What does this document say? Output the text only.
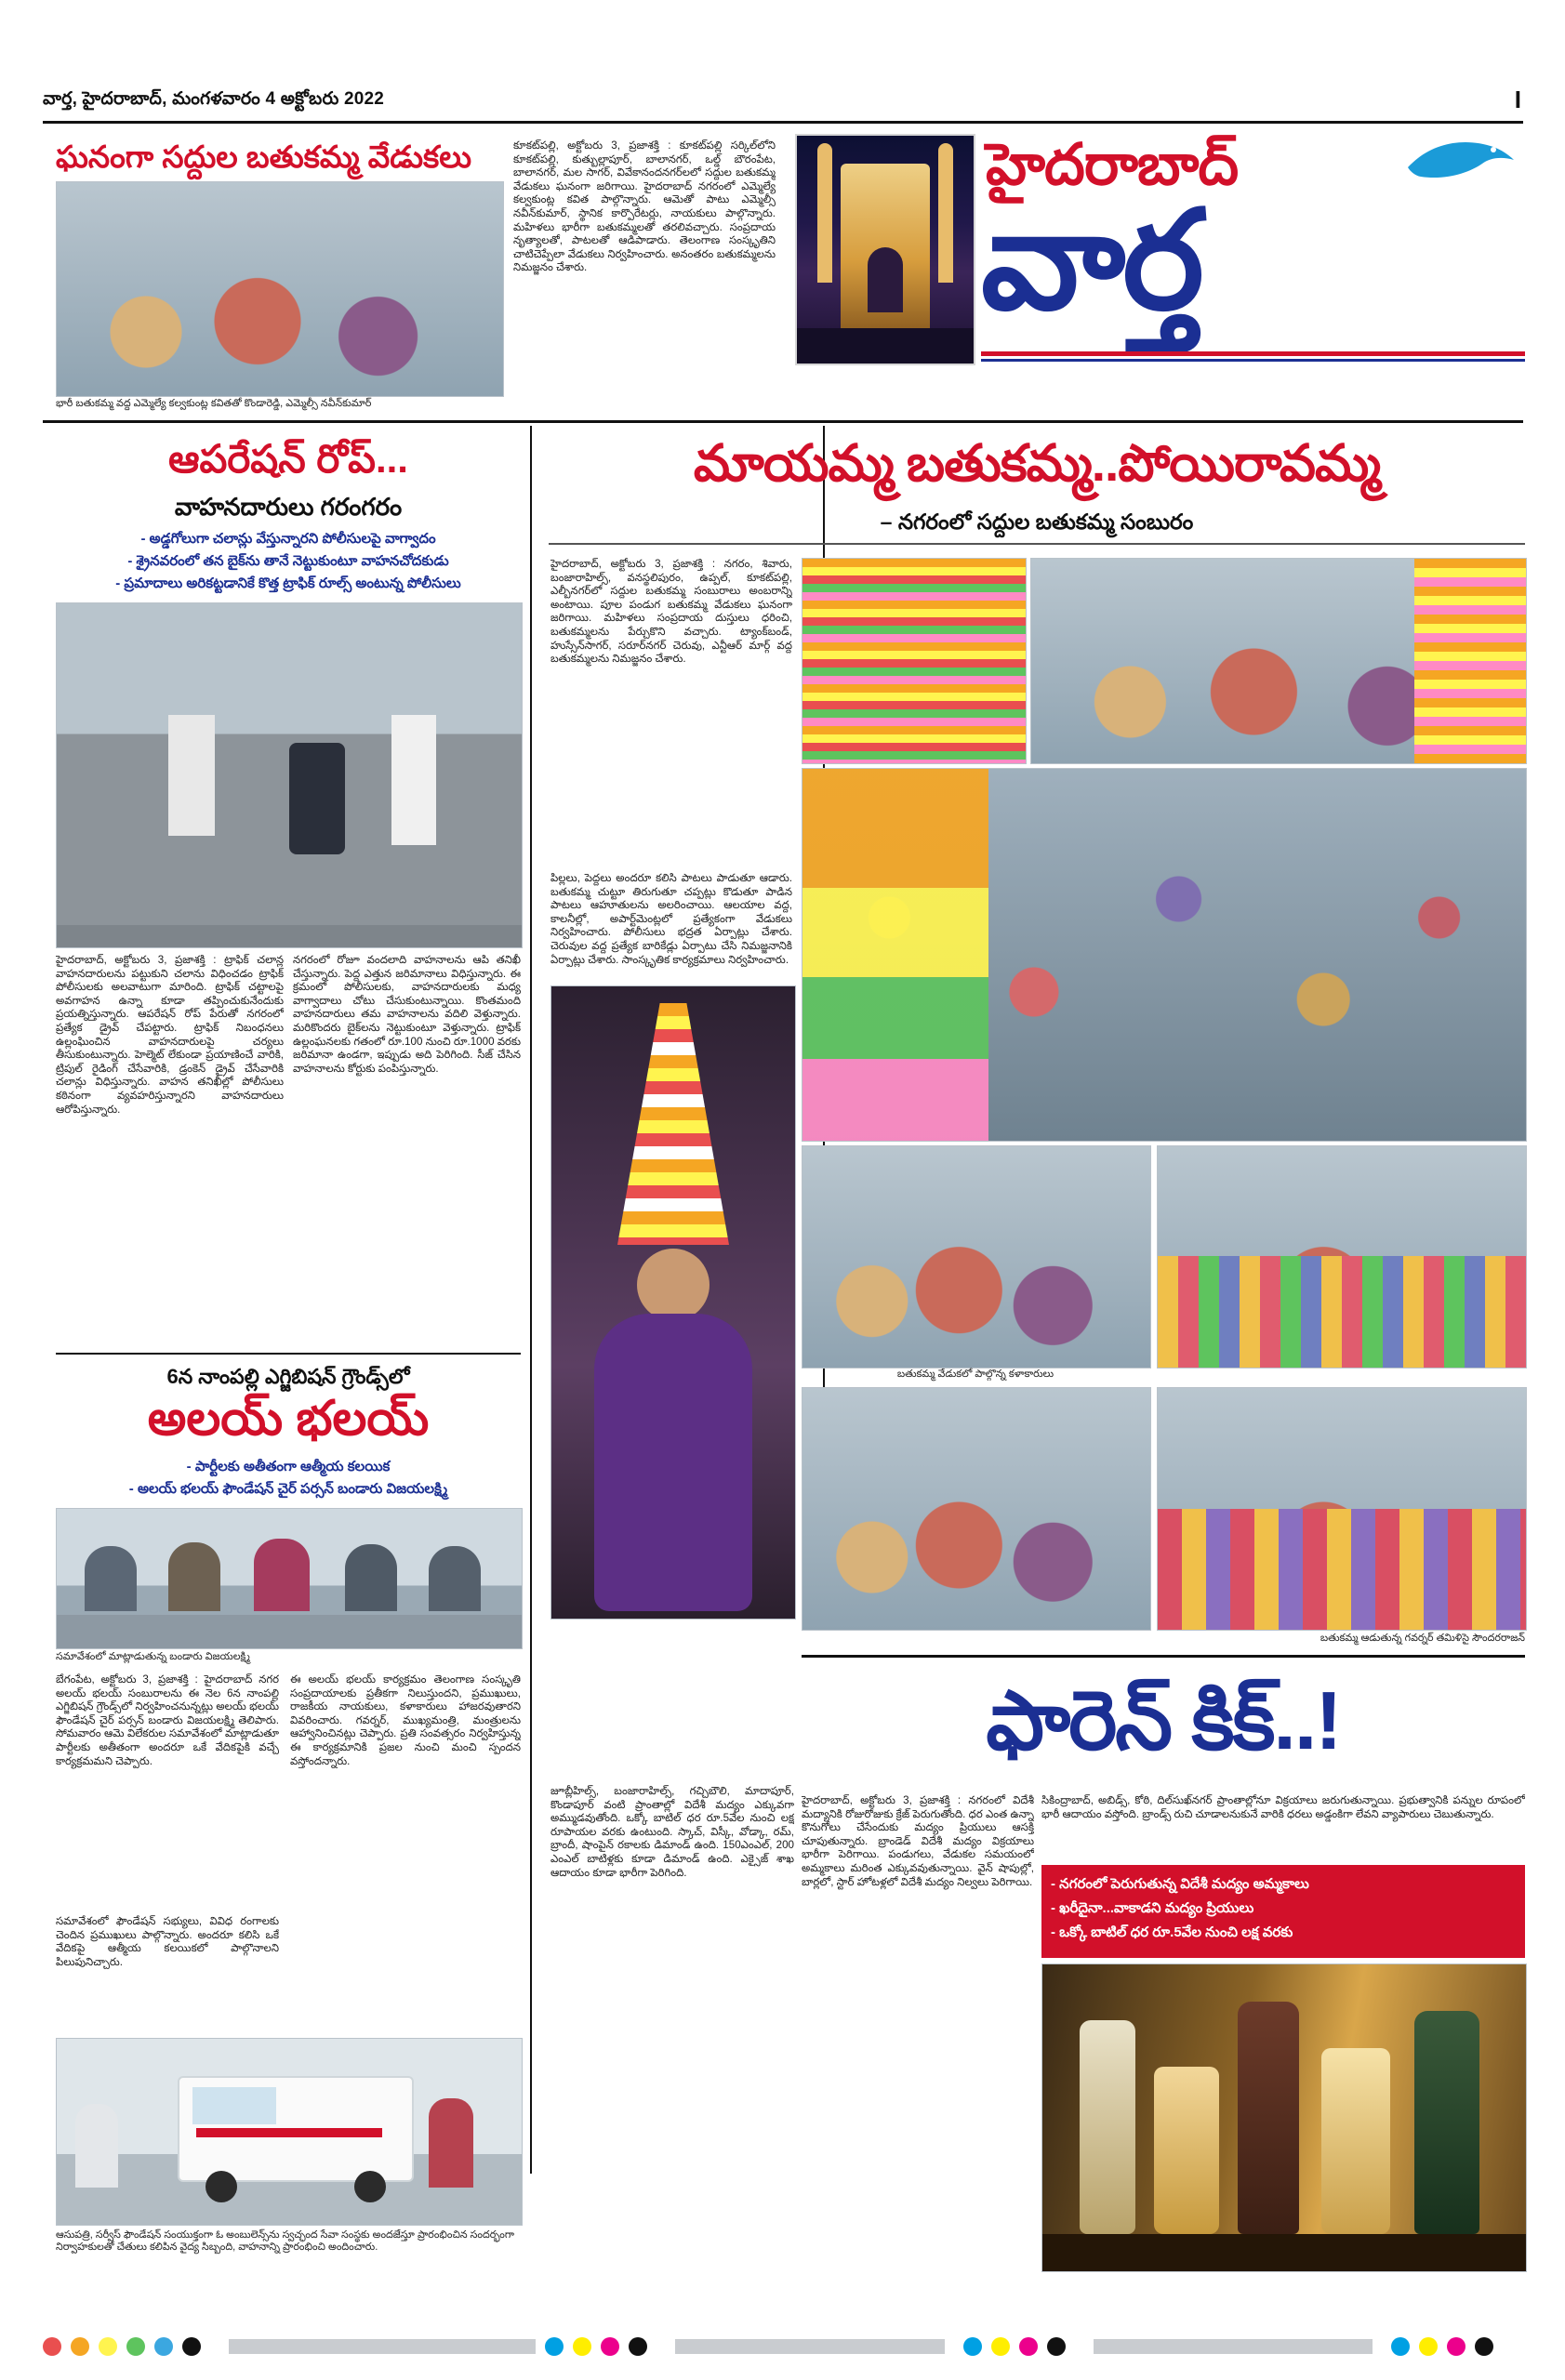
వార్త, హైదరాబాద్, మంగళవారం 4 అక్టోబరు 2022	I
హైదరాబాద్
వార్త
ఘనంగా సద్దుల బతుకమ్మ వేడుకలు
భారీ బతుకమ్మ వద్ద ఎమ్మెల్యే కల్వకుంట్ల కవితతో కొండారెడ్డి, ఎమ్మెల్సీ నవీన్‌కుమార్
కూకట్‌పల్లి, అక్టోబరు 3, ప్రజాశక్తి : కూకట్‌పల్లి సర్కిల్‌లోని కూకట్‌పల్లి, కుత్బుల్లాపూర్, బాలానగర్, ఒల్డ్ బౌరంపేట, బాలానగర్, మల సాగర్, వివేకానందనగర్‌లలో సద్దుల బతుకమ్మ వేడుకలు ఘనంగా జరిగాయి. హైదరాబాద్ నగరంలో ఎమ్మెల్యే కల్వకుంట్ల కవిత పాల్గొన్నారు. ఆమెతో పాటు ఎమ్మెల్సీ నవీన్‌కుమార్, స్థానిక కార్పొరేటర్లు, నాయకులు పాల్గొన్నారు. మహిళలు భారీగా బతుకమ్మలతో తరలివచ్చారు. సంప్రదాయ నృత్యాలతో, పాటలతో ఆడిపాడారు. తెలంగాణ సంస్కృతిని చాటిచెప్పేలా వేడుకలు నిర్వహించారు. అనంతరం బతుకమ్మలను నిమజ్జనం చేశారు.
ఆపరేషన్ రోప్...
వాహనదారులు గరంగరం
- అడ్డగోలుగా చలాన్లు వేస్తున్నారని పోలీసులపై వాగ్వాదం
- శ్రైనవరంలో తన బైక్‌ను తానే నెట్టుకుంటూ వాహనచోదకుడు
- ప్రమాదాలు అరికట్టడానికే కొత్త ట్రాఫిక్ రూల్స్ అంటున్న పోలీసులు
హైదరాబాద్, అక్టోబరు 3, ప్రజాశక్తి : ట్రాఫిక్ చలాన్ల వాహనదారులను పట్టుకుని చలాను విధించడం ట్రాఫిక్ పోలీసులకు అలవాటుగా మారింది. ట్రాఫిక్ చట్టాలపై అవగాహన ఉన్నా కూడా తప్పించుకునేందుకు ప్రయత్నిస్తున్నారు. ఆపరేషన్ రోప్ పేరుతో నగరంలో ప్రత్యేక డ్రైవ్ చేపట్టారు. ట్రాఫిక్ నిబంధనలు ఉల్లంఘించిన వాహనదారులపై చర్యలు తీసుకుంటున్నారు. హెల్మెట్ లేకుండా ప్రయాణించే వారికి, ట్రిపుల్ రైడింగ్ చేసేవారికి, డ్రంకెన్ డ్రైవ్ చేసేవారికి చలాన్లు విధిస్తున్నారు. వాహన తనిఖీల్లో పోలీసులు కఠినంగా వ్యవహరిస్తున్నారని వాహనదారులు ఆరోపిస్తున్నారు.
నగరంలో రోజూ వందలాది వాహనాలను ఆపి తనిఖీ చేస్తున్నారు. పెద్ద ఎత్తున జరిమానాలు విధిస్తున్నారు. ఈ క్రమంలో పోలీసులకు, వాహనదారులకు మధ్య వాగ్వాదాలు చోటు చేసుకుంటున్నాయి. కొంతమంది వాహనదారులు తమ వాహనాలను వదిలి వెళ్తున్నారు. మరికొందరు బైక్‌లను నెట్టుకుంటూ వెళ్తున్నారు. ట్రాఫిక్ ఉల్లంఘనలకు గతంలో రూ.100 నుంచి రూ.1000 వరకు జరిమానా ఉండగా, ఇప్పుడు అది పెరిగింది. సీజ్ చేసిన వాహనాలను కోర్టుకు పంపిస్తున్నారు.
6న నాంపల్లి ఎగ్జిబిషన్ గ్రౌండ్స్‌లో
అలయ్ భలయ్
- పార్టీలకు అతీతంగా ఆత్మీయ కలయిక
- అలయ్ భలయ్ ఫౌండేషన్ చైర్ పర్సన్ బండారు విజయలక్ష్మి
సమావేశంలో మాట్లాడుతున్న బండారు విజయలక్ష్మి
బేగంపేట, అక్టోబరు 3, ప్రజాశక్తి : హైదరాబాద్ నగర అలయ్ భలయ్ సంబురాలను ఈ నెల 6న నాంపల్లి ఎగ్జిబిషన్ గ్రౌండ్స్‌లో నిర్వహించనున్నట్లు అలయ్ భలయ్ ఫౌండేషన్ చైర్ పర్సన్ బండారు విజయలక్ష్మి తెలిపారు. సోమవారం ఆమె విలేకరుల సమావేశంలో మాట్లాడుతూ పార్టీలకు అతీతంగా అందరూ ఒకే వేదికపైకి వచ్చే కార్యక్రమమని చెప్పారు.
ఈ అలయ్ భలయ్ కార్యక్రమం తెలంగాణ సంస్కృతి సంప్రదాయాలకు ప్రతీకగా నిలుస్తుందని, ప్రముఖులు, రాజకీయ నాయకులు, కళాకారులు హాజరవుతారని వివరించారు. గవర్నర్, ముఖ్యమంత్రి, మంత్రులను ఆహ్వానించినట్లు చెప్పారు. ప్రతి సంవత్సరం నిర్వహిస్తున్న ఈ కార్యక్రమానికి ప్రజల నుంచి మంచి స్పందన వస్తోందన్నారు.
సమావేశంలో ఫౌండేషన్ సభ్యులు, వివిధ రంగాలకు చెందిన ప్రముఖులు పాల్గొన్నారు. అందరూ కలిసి ఒకే వేదికపై ఆత్మీయ కలయికలో పాల్గొనాలని పిలుపునిచ్చారు.
ఆసుపత్రి, సర్వీస్ ఫౌండేషన్ సంయుక్తంగా ఓ అంబులెన్స్‌ను స్వచ్ఛంద సేవా సంస్థకు అందజేస్తూ ప్రారంభించిన సందర్భంగా నిర్వాహకులతో చేతులు కలిపిన వైద్య సిబ్బంది, వాహనాన్ని ప్రారంభించి అందించారు.
మాయమ్మ బతుకమ్మ..పోయిరావమ్మ
– నగరంలో సద్దుల బతుకమ్మ సంబురం
హైదరాబాద్, అక్టోబరు 3, ప్రజాశక్తి : నగరం, శివారు, బంజారాహిల్స్, వనస్థలిపురం, ఉప్పల్, కూకట్‌పల్లి, ఎల్బీనగర్‌లో సద్దుల బతుకమ్మ సంబురాలు అంబరాన్ని అంటాయి. పూల పండుగ బతుకమ్మ వేడుకలు ఘనంగా జరిగాయి. మహిళలు సంప్రదాయ దుస్తులు ధరించి, బతుకమ్మలను పేర్చుకొని వచ్చారు. ట్యాంక్‌బండ్, హుస్సేన్‌సాగర్, సరూర్‌నగర్ చెరువు, ఎన్టీఆర్ మార్గ్ వద్ద బతుకమ్మలను నిమజ్జనం చేశారు.
పిల్లలు, పెద్దలు అందరూ కలిసి పాటలు పాడుతూ ఆడారు. బతుకమ్మ చుట్టూ తిరుగుతూ చప్పట్లు కొడుతూ పాడిన పాటలు ఆహూతులను అలరించాయి. ఆలయాల వద్ద, కాలనీల్లో, అపార్ట్‌మెంట్లలో ప్రత్యేకంగా వేడుకలు నిర్వహించారు. పోలీసులు భద్రత ఏర్పాట్లు చేశారు. చెరువుల వద్ద ప్రత్యేక బారికేడ్లు ఏర్పాటు చేసి నిమజ్జనానికి ఏర్పాట్లు చేశారు. సాంస్కృతిక కార్యక్రమాలు నిర్వహించారు.
బతుకమ్మ వేడుకలో పాల్గొన్న కళాకారులు
బతుకమ్మ ఆడుతున్న గవర్నర్ తమిళిసై సౌందరరాజన్
ఫారెన్ కిక్..!
హైదరాబాద్, అక్టోబరు 3, ప్రజాశక్తి : నగరంలో విదేశీ మద్యానికి రోజురోజుకు క్రేజ్ పెరుగుతోంది. ధర ఎంత ఉన్నా కొనుగోలు చేసేందుకు మద్యం ప్రియులు ఆసక్తి చూపుతున్నారు. బ్రాండెడ్ విదేశీ మద్యం విక్రయాలు భారీగా పెరిగాయి. పండుగలు, వేడుకల సమయంలో అమ్మకాలు మరింత ఎక్కువవుతున్నాయి. వైన్ షాపుల్లో, బార్లలో, స్టార్ హోటళ్లలో విదేశీ మద్యం నిల్వలు పెరిగాయి.
జూబ్లీహిల్స్, బంజారాహిల్స్, గచ్చిబౌలి, మాదాపూర్, కొండాపూర్ వంటి ప్రాంతాల్లో విదేశీ మద్యం ఎక్కువగా అమ్ముడవుతోంది. ఒక్కో బాటిల్ ధర రూ.5వేల నుంచి లక్ష రూపాయల వరకు ఉంటుంది. స్కాచ్, విస్కీ, వోడ్కా, రమ్, బ్రాందీ, షాంపైన్ రకాలకు డిమాండ్ ఉంది. 150ఎంఎల్, 200 ఎంఎల్ బాటిళ్లకు కూడా డిమాండ్ ఉంది. ఎక్సైజ్ శాఖ ఆదాయం కూడా భారీగా పెరిగింది.
సికింద్రాబాద్, అబిడ్స్, కోఠి, దిల్‌సుఖ్‌నగర్ ప్రాంతాల్లోనూ విక్రయాలు జరుగుతున్నాయి. ప్రభుత్వానికి పన్నుల రూపంలో భారీ ఆదాయం వస్తోంది. బ్రాండ్స్ రుచి చూడాలనుకునే వారికి ధరలు అడ్డంకిగా లేవని వ్యాపారులు చెబుతున్నారు.
- నగరంలో పెరుగుతున్న విదేశీ మద్యం అమ్మకాలు
- ఖరీదైనా...వాకాడని మద్యం ప్రియులు
- ఒక్కో బాటిల్ ధర రూ.5వేల నుంచి లక్ష వరకు
